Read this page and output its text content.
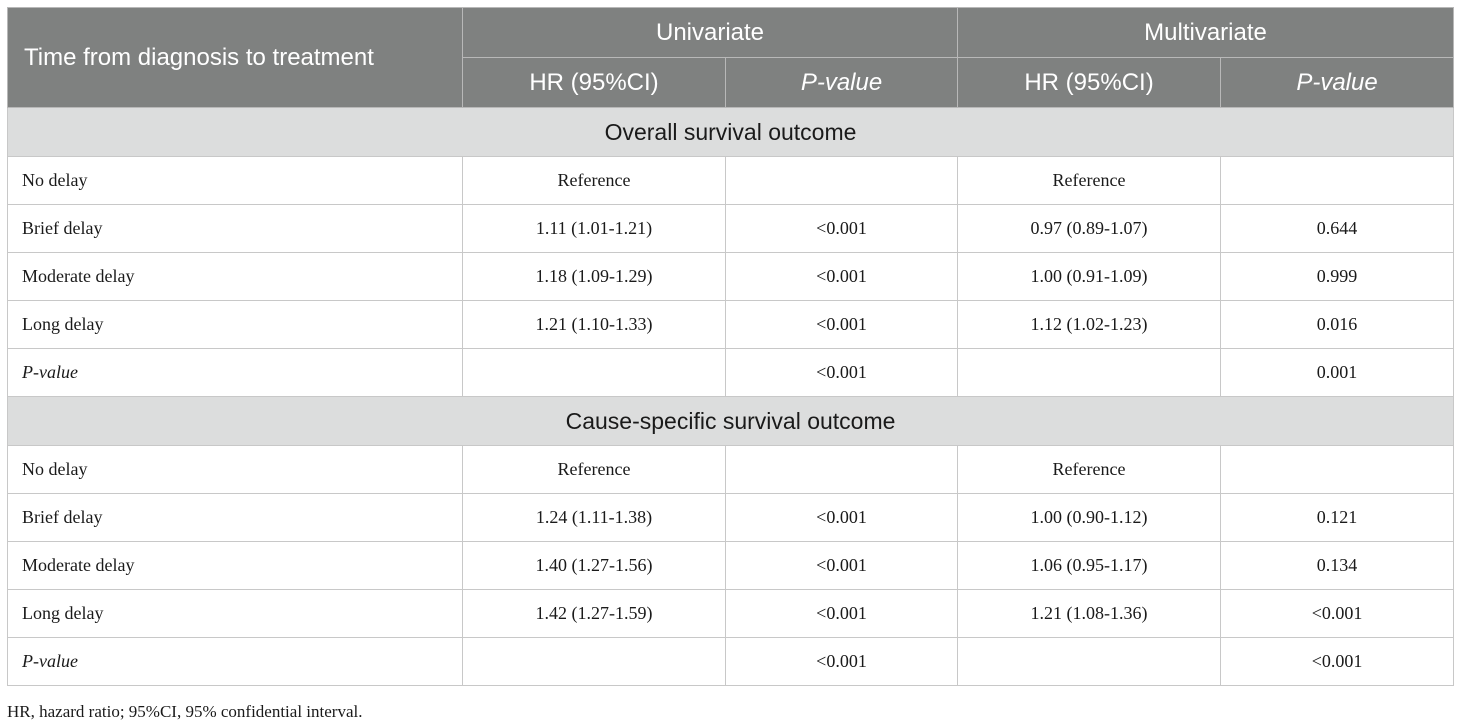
Time from diagnosis to treatment	Univariate		Multivariate	
	HR (95%CI)	P-value	HR (95%CI)	P-value
Overall survival outcome				
No delay	Reference		Reference	
Brief delay	1.11 (1.01-1.21)	<0.001	0.97 (0.89-1.07)	0.644
Moderate delay	1.18 (1.09-1.29)	<0.001	1.00 (0.91-1.09)	0.999
Long delay	1.21 (1.10-1.33)	<0.001	1.12 (1.02-1.23)	0.016
P-value		<0.001		0.001
Cause-specific survival outcome				
No delay	Reference		Reference	
Brief delay	1.24 (1.11-1.38)	<0.001	1.00 (0.90-1.12)	0.121
Moderate delay	1.40 (1.27-1.56)	<0.001	1.06 (0.95-1.17)	0.134
Long delay	1.42 (1.27-1.59)	<0.001	1.21 (1.08-1.36)	<0.001
P-value		<0.001		<0.001
HR, hazard ratio; 95%CI, 95% confidential interval.
